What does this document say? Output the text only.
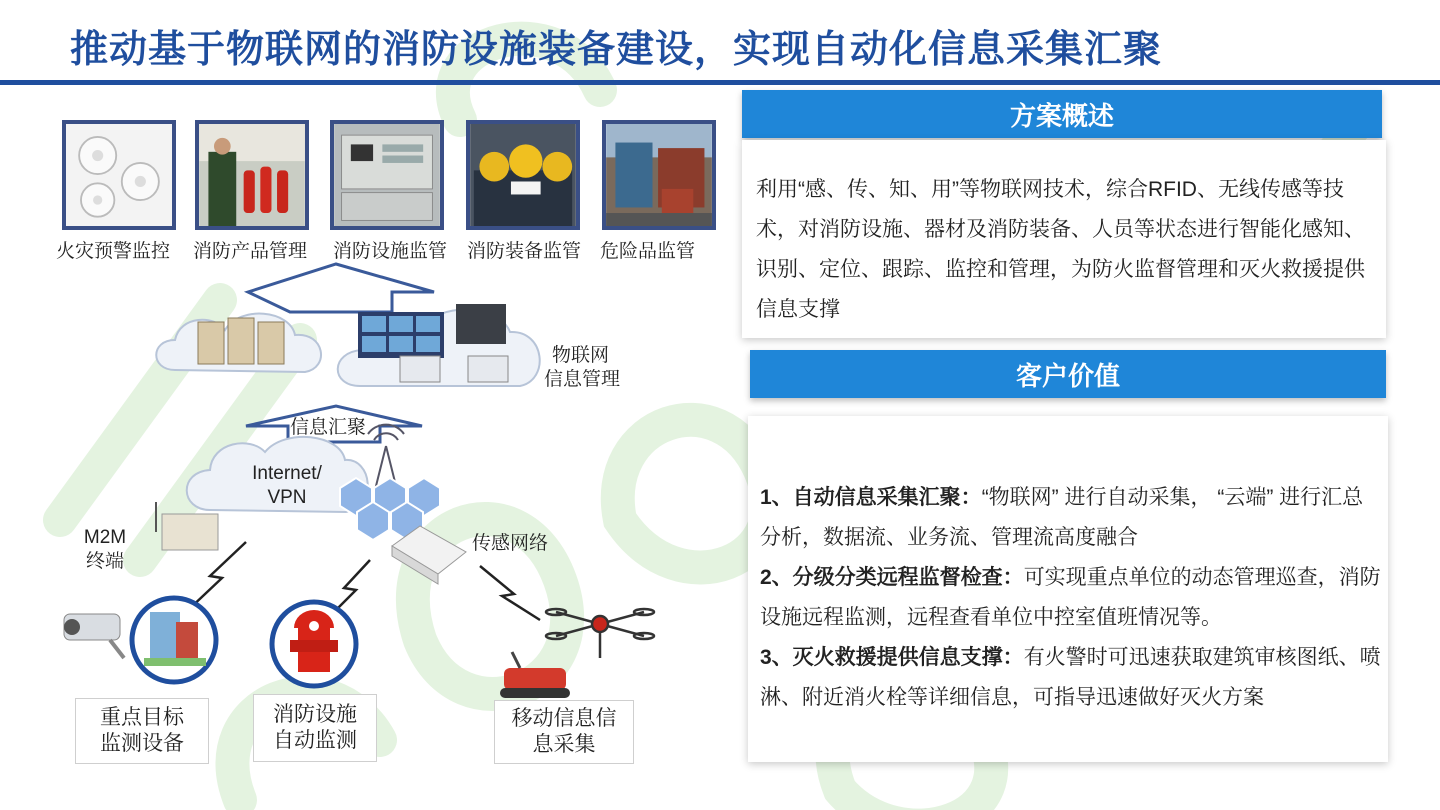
推动基于物联网的消防设施装备建设，实现自动化信息采集汇聚
火灾预警监控 消防产品管理 消防设施监管 消防装备监管 危险品监管
物联网
信息管理
信息汇聚
Internet/
VPN
M2M
终端
传感网络
重点目标
监测设备
消防设施
自动监测
移动信息信
息采集
方案概述
利用“感、传、知、用”等物联网技术，综合RFID、无线传感等技术，对消防设施、器材及消防装备、人员等状态进行智能化感知、识别、定位、跟踪、监控和管理，为防火监督管理和灭火救援提供信息支撑
客户价值
1、自动信息采集汇聚：“物联网” 进行自动采集， “云端” 进行汇总分析，数据流、业务流、管理流高度融合
2、分级分类远程监督检查：可实现重点单位的动态管理巡查，消防设施远程监测，远程查看单位中控室值班情况等。
3、灭火救援提供信息支撑：有火警时可迅速获取建筑审核图纸、喷淋、附近消火栓等详细信息，可指导迅速做好灭火方案
